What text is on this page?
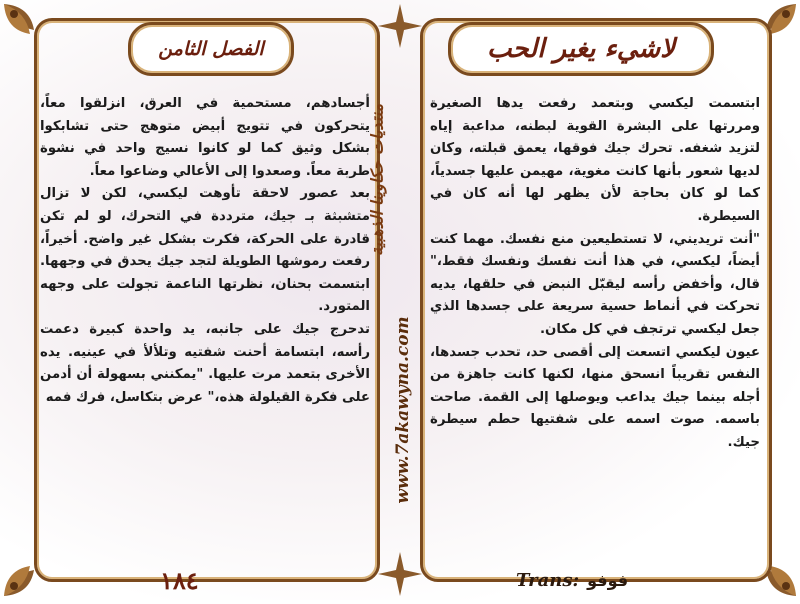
الفصل الثامن	لاشيء يغير الحب

أجسادهم، مستحمية في العرق، انزلقوا معاً، يتحركون في تتويج أبيض متوهج حتى تشابكوا بشكل وثيق كما لو كانوا نسيج واحد في نشوة طربة معاً. وصعدوا إلى الأعالي وضاعوا معاً.

بعد عصور لاحقة تأوهت ليكسي، لكن لا تزال متشبثة بـ جيك، مترددة في التحرك، لو لم تكن قادرة على الحركة، فكرت بشكل غير واضح. أخيراً، رفعت رموشها الطويلة لتجد جيك يحدق في وجهها. ابتسمت بحنان، نظرتها الناعمة تجولت على وجهه المتورد.

تدحرج جيك على جانبه، يد واحدة كبيرة دعمت رأسه، ابتسامة أحنت شفتيه وتلألأ في عينيه. يده الأخرى بتعمد مرت عليها. "يمكنني بسهولة أن أدمن على فكرة القيلولة هذه،" عرض بتكاسل، فرك فمه

ابتسمت ليكسي وبتعمد رفعت يدها الصغيرة ومررتها على البشرة القوية لبطنه، مداعبة إياه لتزيد شغفه. تحرك جيك فوقها، يعمق قبلته، وكان لديها شعور بأنها كانت مغوية، مهيمن عليها جسدياً، كما لو كان بحاجة لأن يظهر لها أنه كان في السيطرة.

"أنت تريديني، لا تستطيعين منع نفسك. مهما كنت أيضاً، ليكسي، في هذا أنت نفسك ونفسك فقط،" قال، وأخفض رأسه ليقبّل النبض في حلقها، يديه تحركت في أنماط حسية سريعة على جسدها الذي جعل ليكسي ترتجف في كل مكان.

عيون ليكسي اتسعت إلى أقصى حد، تحدب جسدها، النفس تقريباً انسحق منها، لكنها كانت جاهزة من أجله بينما جيك يداعب ويوصلها إلى القمة. صاحت باسمه. صوت اسمه على شفتيها حطم سيطرة جيك.

منتديات حكاوينا الذهبية
www.7akawyna.com
١٨٤	Trans: فوفو
